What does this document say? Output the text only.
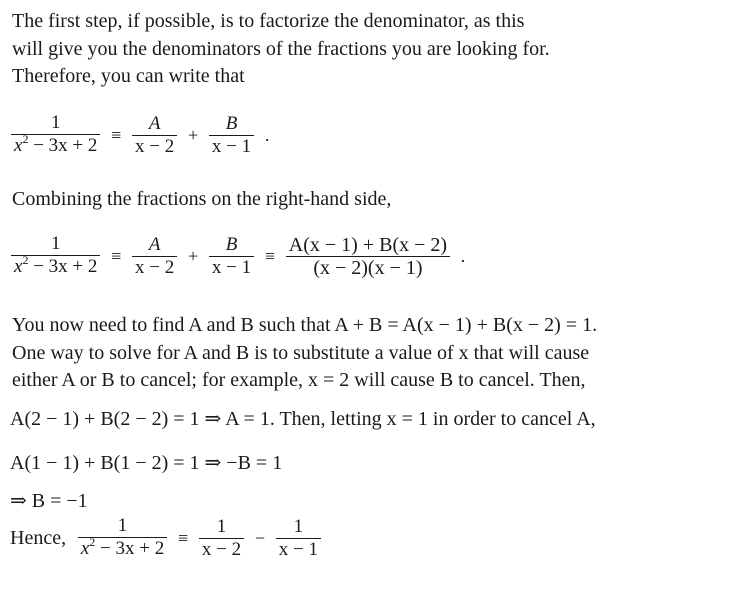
The first step, if possible, is to factorize the denominator, as this
will give you the denominators of the fractions you are looking for.
Therefore, you can write that

$\frac{1}{x^2 - 3x + 2} \equiv \frac{A}{x - 2} + \frac{B}{x - 1}$ .

Combining the fractions on the right-hand side,

$\frac{1}{x^2 - 3x + 2} \equiv \frac{A}{x - 2} + \frac{B}{x - 1} \equiv \frac{A(x - 1) + B(x - 2)}{(x - 2)(x - 1)}$ .

You now need to find A and B such that A + B = A(x − 1) + B(x − 2) = 1.
One way to solve for A and B is to substitute a value of x that will cause
either A or B to cancel; for example, x = 2 will cause B to cancel. Then,

A(2 − 1) + B(2 − 2) = 1 ⇒ A = 1. Then, letting x = 1 in order to cancel A,
A(1 − 1) + B(1 − 2) = 1 ⇒ −B = 1
⇒ B = −1
Hence, $\frac{1}{x^2 - 3x + 2} \equiv \frac{1}{x - 2} - \frac{1}{x - 1}$
